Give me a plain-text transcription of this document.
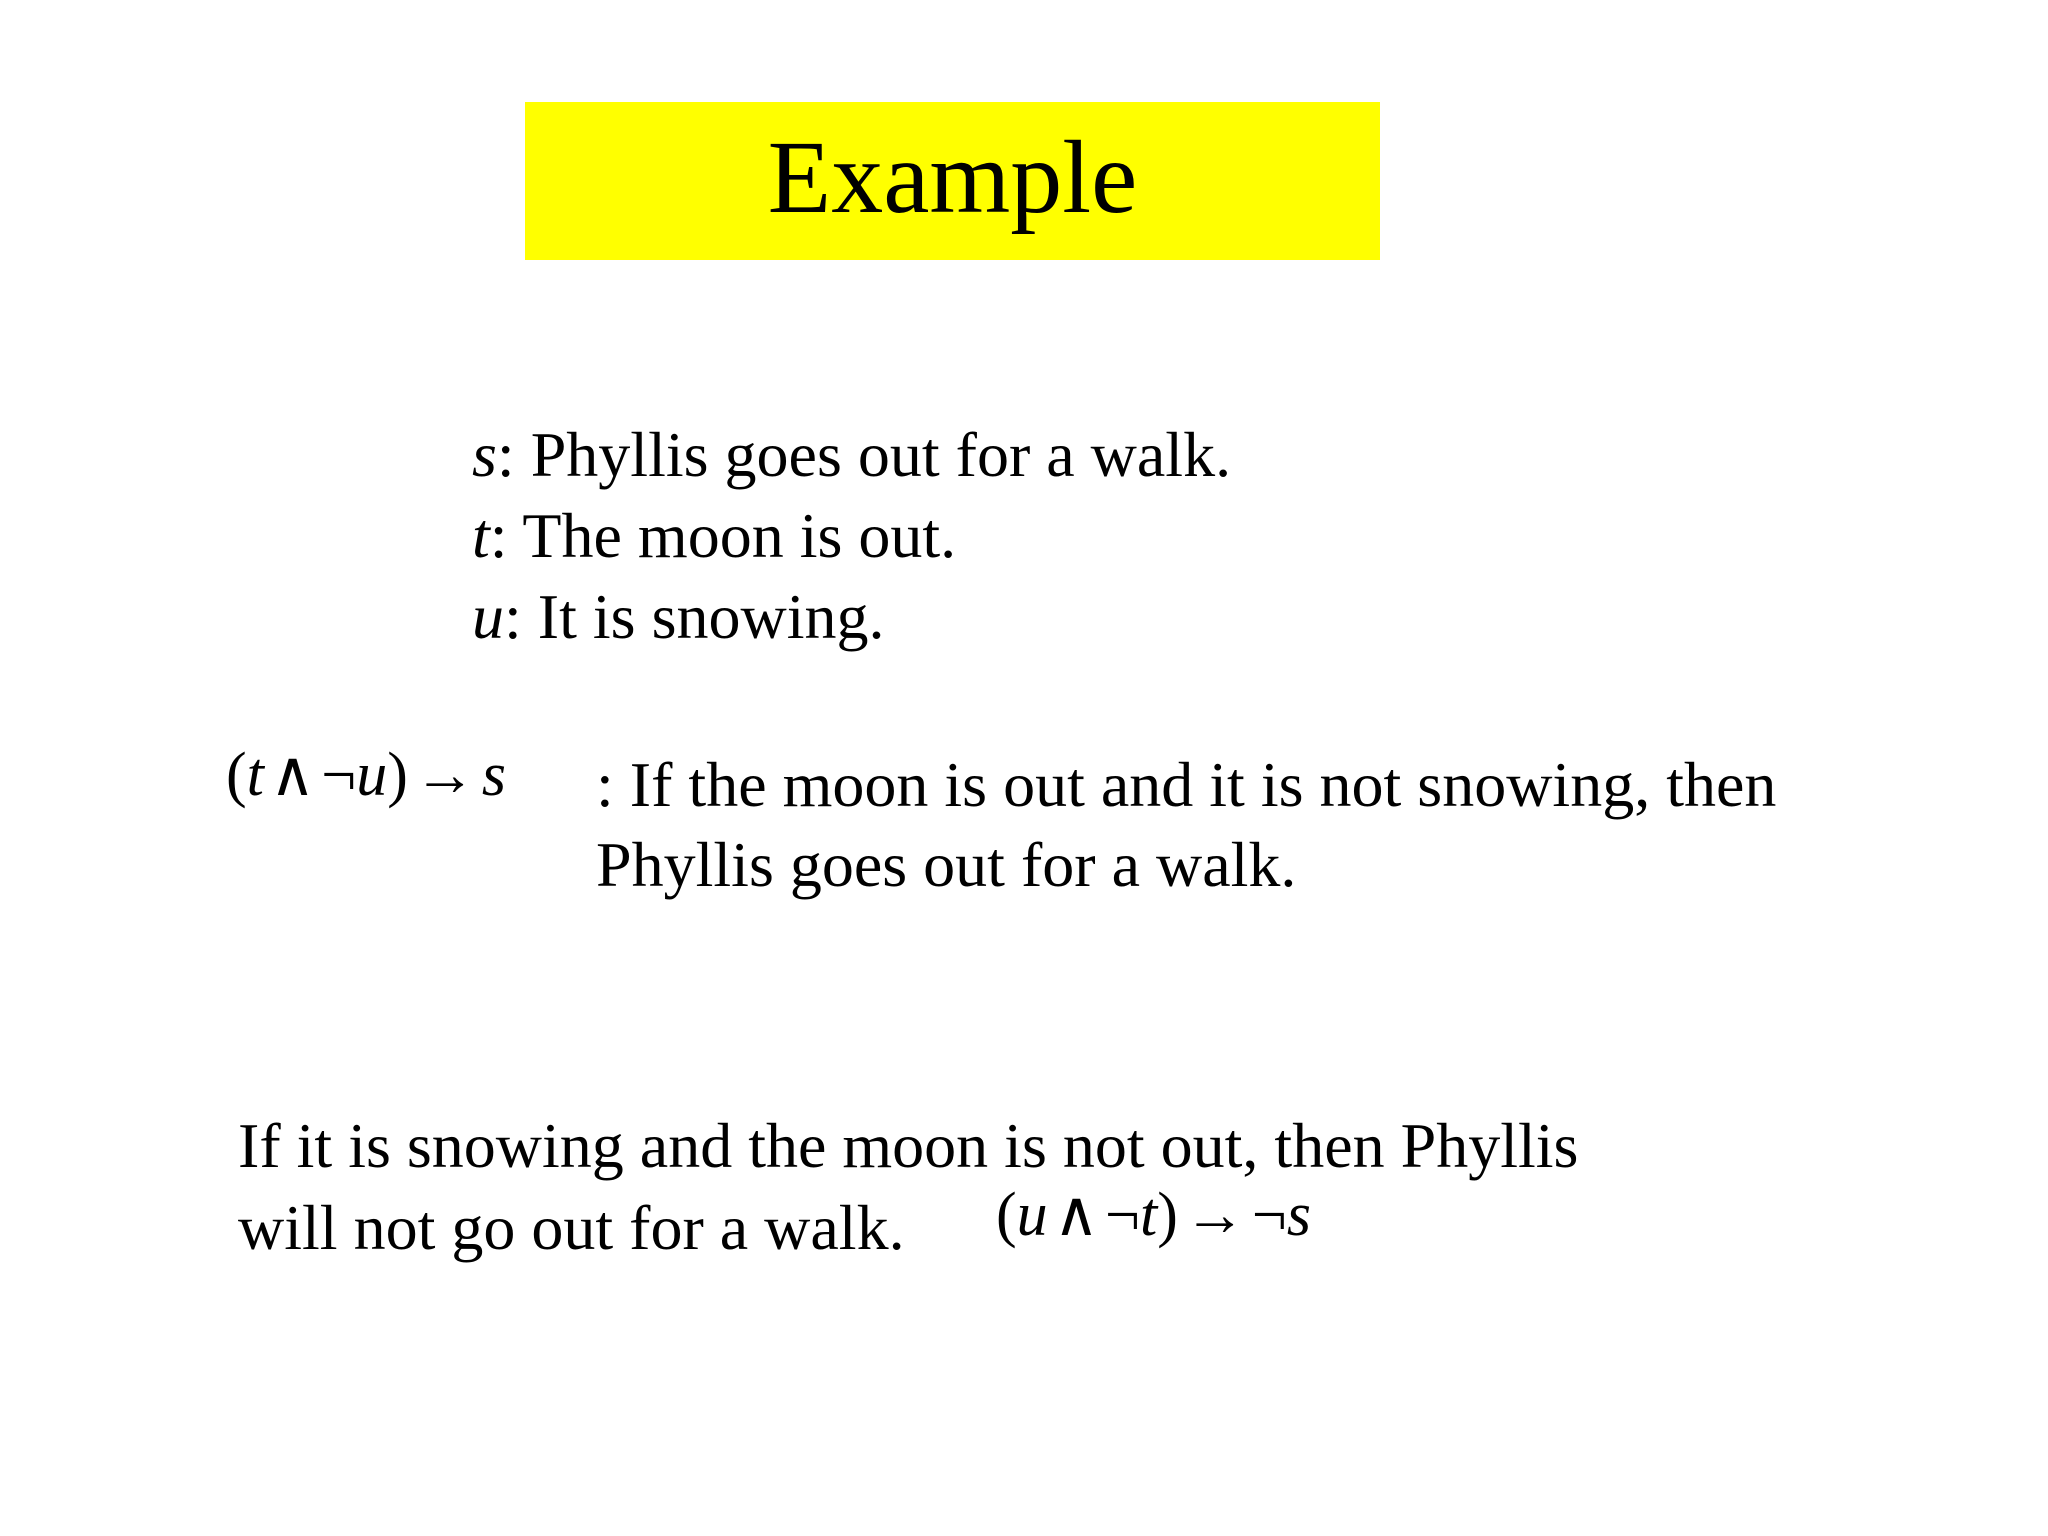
Example
s: Phyllis goes out for a walk.
t: The moon is out.
u: It is snowing.
(t∧¬u)→s : If the moon is out and it is not snowing, then
Phyllis goes out for a walk.
If it is snowing and the moon is not out, then Phyllis
will not go out for a walk.	(u∧¬t)→¬s
